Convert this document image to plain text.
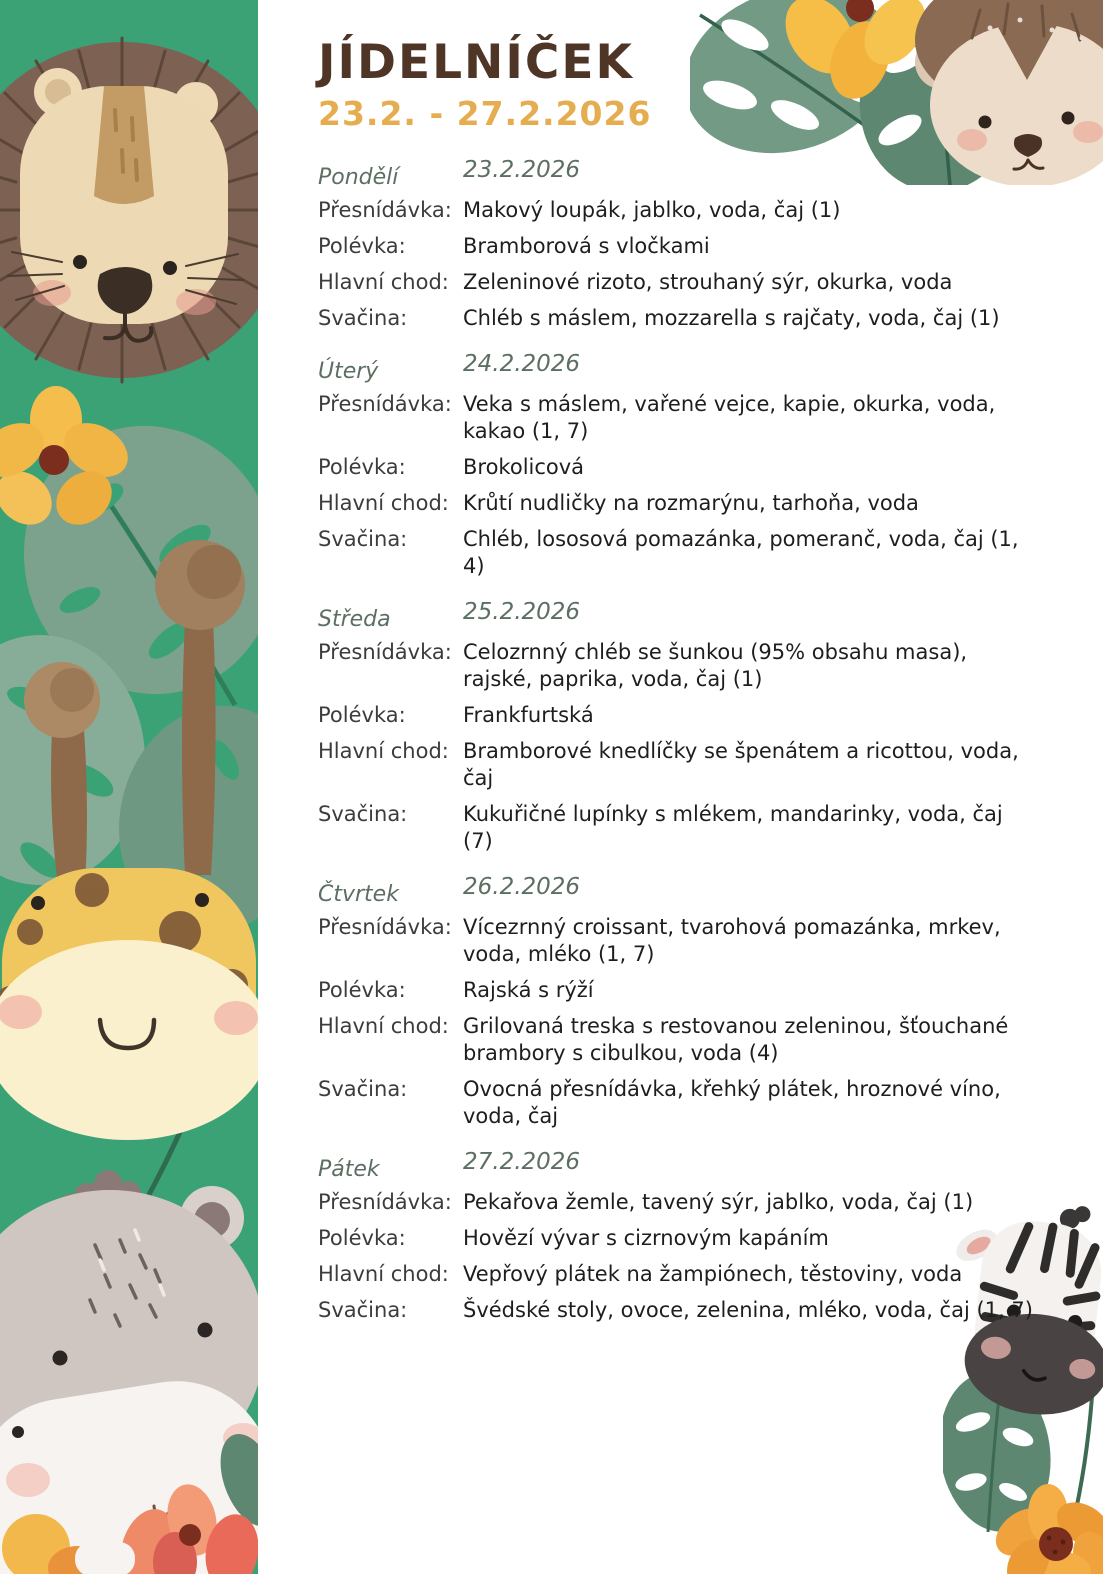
JÍDELNÍČEK
23.2. - 27.2.2026
Pondělí	23.2.2026
Přesnídávka: Makový loupák, jablko, voda, čaj (1)
Polévka:	Bramborová s vločkami
Hlavní chod: Zeleninové rizoto, strouhaný sýr, okurka, voda
Svačina:	Chléb s máslem, mozzarella s rajčaty, voda, čaj (1)
Úterý	24.2.2026
Přesnídávka: Veka s máslem, vařené vejce, kapie, okurka, voda, kakao (1, 7)
Polévka:	Brokolicová
Hlavní chod: Krůtí nudličky na rozmarýnu, tarhoňa, voda
Svačina:	Chléb, lososová pomazánka, pomeranč, voda, čaj (1, 4)
Středa	25.2.2026
Přesnídávka: Celozrnný chléb se šunkou (95% obsahu masa), rajské, paprika, voda, čaj (1)
Polévka:	Frankfurtská
Hlavní chod: Bramborové knedlíčky se špenátem a ricottou, voda, čaj
Svačina:	Kukuřičné lupínky s mlékem, mandarinky, voda, čaj (7)
Čtvrtek	26.2.2026
Přesnídávka: Vícezrnný croissant, tvarohová pomazánka, mrkev, voda, mléko (1, 7)
Polévka:	Rajská s rýží
Hlavní chod: Grilovaná treska s restovanou zeleninou, šťouchané brambory s cibulkou, voda (4)
Svačina:	Ovocná přesnídávka, křehký plátek, hroznové víno, voda, čaj
Pátek	27.2.2026
Přesnídávka: Pekařova žemle, tavený sýr, jablko, voda, čaj (1)
Polévka:	Hovězí vývar s cizrnovým kapáním
Hlavní chod: Vepřový plátek na žampiónech, těstoviny, voda
Svačina:	Švédské stoly, ovoce, zelenina, mléko, voda, čaj (1, 7)
